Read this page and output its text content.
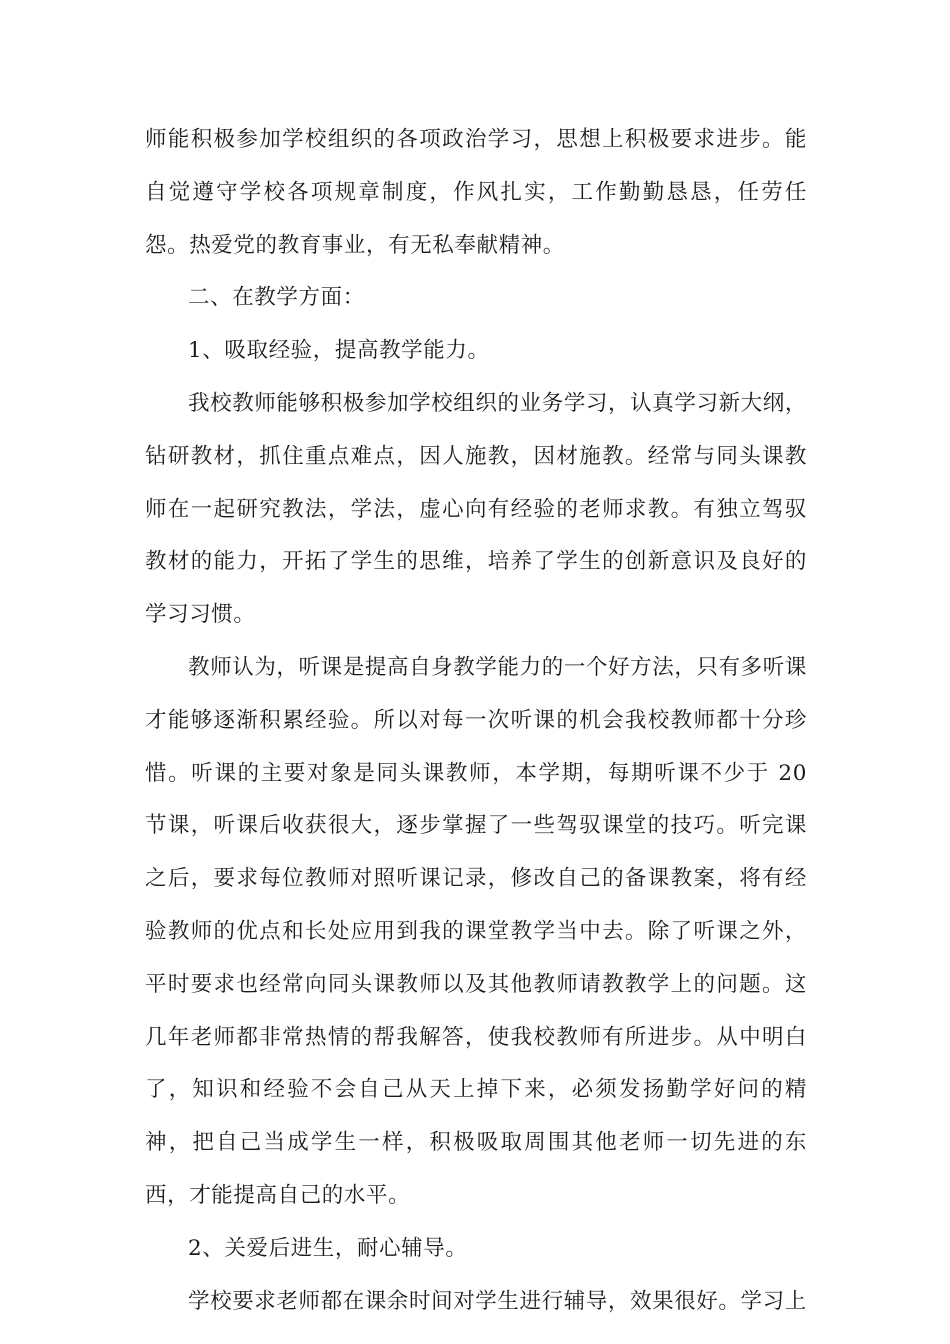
师能积极参加学校组织的各项政治学习，思想上积极要求进步。能自觉遵守学校各项规章制度，作风扎实，工作勤勤恳恳，任劳任怨。热爱党的教育事业，有无私奉献精神。

二、在教学方面：

1、吸取经验，提高教学能力。

我校教师能够积极参加学校组织的业务学习，认真学习新大纲，钻研教材，抓住重点难点，因人施教，因材施教。经常与同头课教师在一起研究教法，学法，虚心向有经验的老师求教。有独立驾驭教材的能力，开拓了学生的思维，培养了学生的创新意识及良好的学习习惯。

教师认为，听课是提高自身教学能力的一个好方法，只有多听课才能够逐渐积累经验。所以对每一次听课的机会我校教师都十分珍惜。听课的主要对象是同头课教师，本学期，每期听课不少于 20 节课，听课后收获很大，逐步掌握了一些驾驭课堂的技巧。听完课之后，要求每位教师对照听课记录，修改自己的备课教案，将有经验教师的优点和长处应用到我的课堂教学当中去。除了听课之外，平时要求也经常向同头课教师以及其他教师请教教学上的问题。这几年老师都非常热情的帮我解答，使我校教师有所进步。从中明白了，知识和经验不会自己从天上掉下来，必须发扬勤学好问的精神，把自己当成学生一样，积极吸取周围其他老师一切先进的东西，才能提高自己的水平。

2、关爱后进生，耐心辅导。

学校要求老师都在课余时间对学生进行辅导，效果很好。学习上
